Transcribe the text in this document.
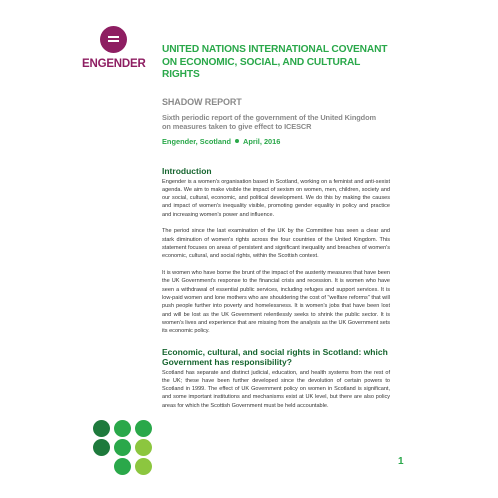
ENGENDER
UNITED NATIONS INTERNATIONAL COVENANT
ON ECONOMIC, SOCIAL, AND CULTURAL RIGHTS
SHADOW REPORT
Sixth periodic report of the government of the United Kingdom
on measures taken to give effect to ICESCR
Engender, Scotland April, 2016
Introduction

Engender is a women's organisation based in Scotland, working on a feminist and anti-sexist agenda. We aim to make visible the impact of sexism on women, men, children, society and our social, cultural, economic, and political development. We do this by making the causes and impact of women's inequality visible, promoting gender equality in policy and practice and increasing women's power and influence.

The period since the last examination of the UK by the Committee has seen a clear and stark diminution of women's rights across the four countries of the United Kingdom. This statement focuses on areas of persistent and significant inequality and breaches of women's economic, cultural, and social rights, within the Scottish context.

It is women who have borne the brunt of the impact of the austerity measures that have been the UK Government's response to the financial crisis and recession. It is women who have seen a withdrawal of essential public services, including refuges and support services. It is low-paid women and lone mothers who are shouldering the cost of "welfare reforms" that will push people further into poverty and homelessness. It is women's jobs that have been lost and will be lost as the UK Government relentlessly seeks to shrink the public sector. It is women's lives and experience that are missing from the analysis as the UK Government sets its economic policy.

Economic, cultural, and social rights in Scotland: which
Government has responsibility?

Scotland has separate and distinct judicial, education, and health systems from the rest of the UK; these have been further developed since the devolution of certain powers to Scotland in 1999. The effect of UK Government policy on women in Scotland is significant, and some important institutions and mechanisms exist at UK level, but there are also policy areas for which the Scottish Government must be held accountable.

1
